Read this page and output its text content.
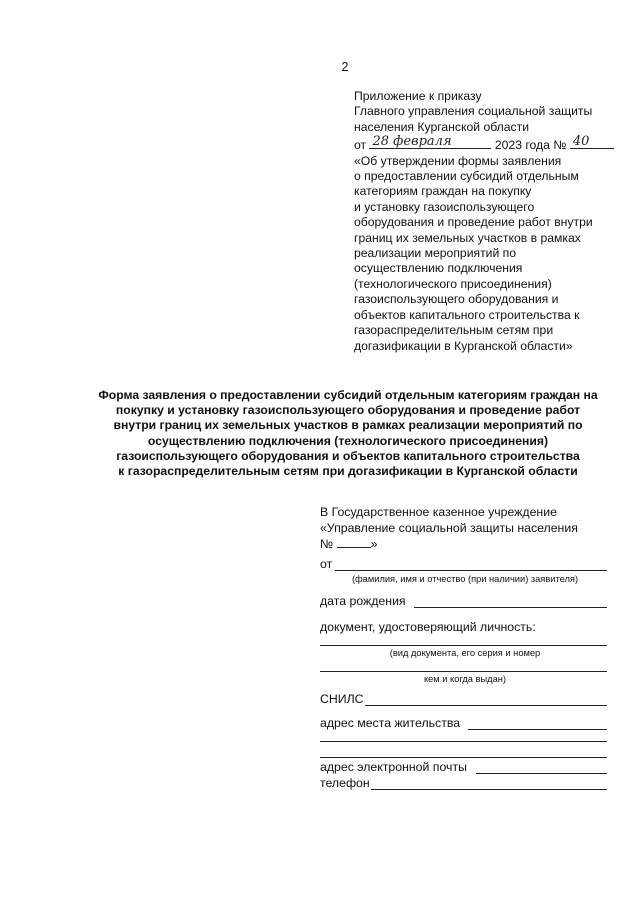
2
Приложение к приказу
Главного управления социальной защиты
населения Курганской области
от 28 февраля	2023 года № 40
«Об утверждении формы заявления
о предоставлении субсидий отдельным
категориям граждан на покупку
и установку газоиспользующего
оборудования и проведение работ внутри
границ их земельных участков в рамках
реализации мероприятий по
осуществлению подключения
(технологического присоединения)
газоиспользующего оборудования и
объектов капитального строительства к
газораспределительным сетям при
догазификации в Курганской области»
Форма заявления о предоставлении субсидий отдельным категориям граждан на
покупку и установку газоиспользующего оборудования и проведение работ
внутри границ их земельных участков в рамках реализации мероприятий по
осуществлению подключения (технологического присоединения)
газоиспользующего оборудования и объектов капитального строительства
к газораспределительным сетям при догазификации в Курганской области
В Государственное казенное учреждение
«Управление социальной защиты населения
№	»
от
(фамилия, имя и отчество (при наличии) заявителя)
дата рождения
документ, удостоверяющий личность:
(вид документа, его серия и номер
кем и когда выдан)
СНИЛС
адрес места жительства
адрес электронной почты
телефон
